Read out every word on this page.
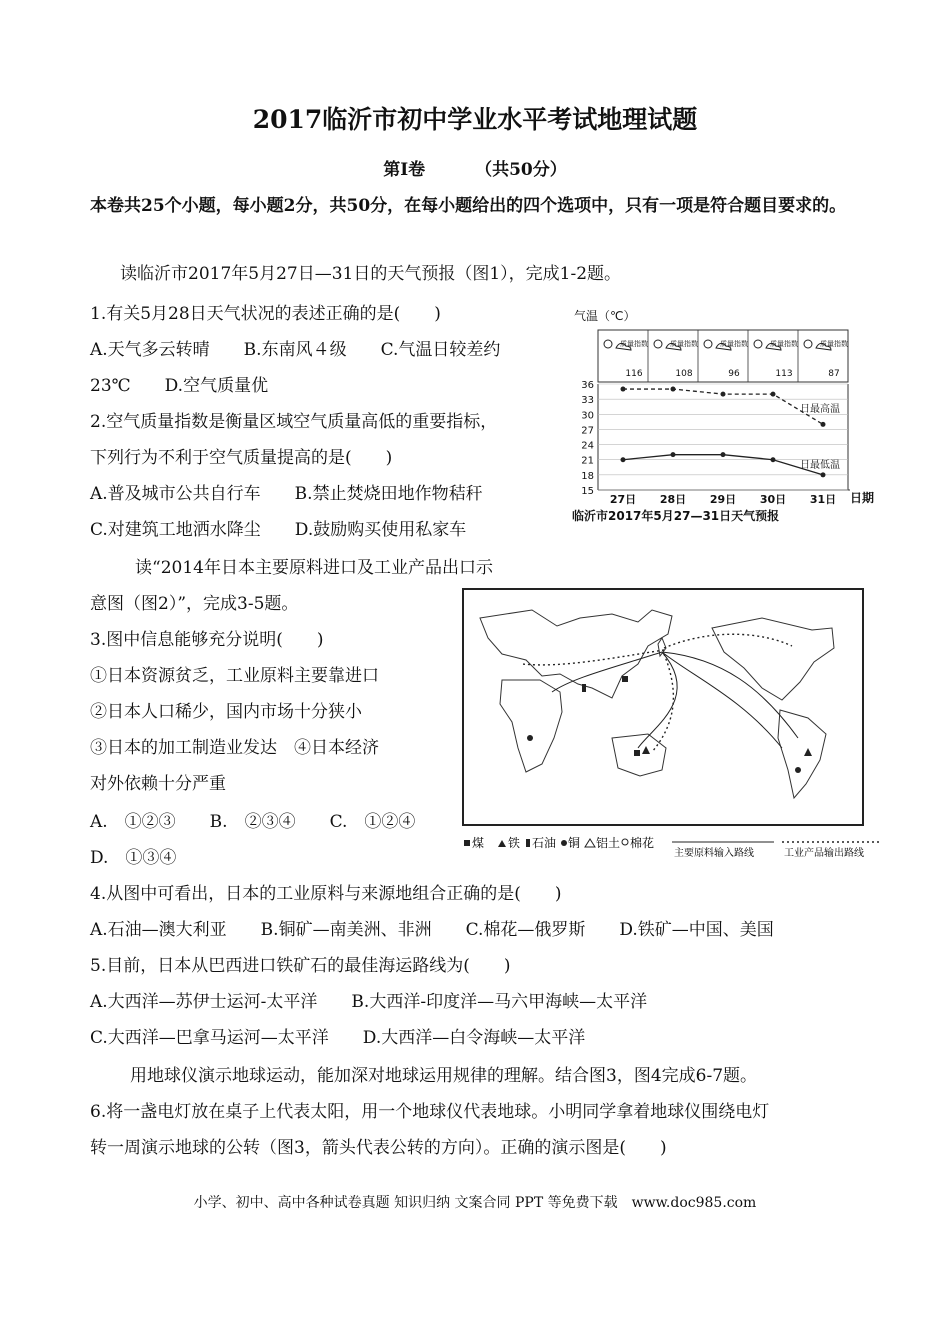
2017临沂市初中学业水平考试地理试题
第Ⅰ卷	（共50分）
本卷共25个小题，每小题2分，共50分，在每小题给出的四个选项中，只有一项是符合题目要求的。
读临沂市2017年5月27日—31日的天气预报（图1），完成1-2题。
1.有关5月28日天气状况的表述正确的是(　　)
A.天气多云转晴　　B.东南风４级　　C.气温日较差约
23℃　　D.空气质量优
2.空气质量指数是衡量区域空气质量高低的重要指标，
下列行为不利于空气质量提高的是(　　)
A.普及城市公共自行车　　B.禁止焚烧田地作物秸秆
C.对建筑工地洒水降尘　　D.鼓励购买使用私家车
读“2014年日本主要原料进口及工业产品出口示
意图（图2）”，完成3-5题。
3.图中信息能够充分说明(　　)
①日本资源贫乏，工业原料主要靠进口
②日本人口稀少，国内市场十分狭小
③日本的加工制造业发达　④日本经济
对外依赖十分严重
A.　①②③　　B.　②③④　　C.　①②④
D.　①③④
4.从图中可看出，日本的工业原料与来源地组合正确的是(　　)
A.石油—澳大利亚　　B.铜矿—南美洲、非洲　　C.棉花—俄罗斯　　D.铁矿—中国、美国
5.目前，日本从巴西进口铁矿石的最佳海运路线为(　　)
A.大西洋—苏伊士运河-太平洋　　B.大西洋-印度洋—马六甲海峡—太平洋
C.大西洋—巴拿马运河—太平洋　　D.大西洋—白令海峡—太平洋
用地球仪演示地球运动，能加深对地球运用规律的理解。结合图3，图4完成6-7题。
6.将一盏电灯放在桌子上代表太阳，用一个地球仪代表地球。小明同学拿着地球仪围绕电灯
转一周演示地球的公转（图3，箭头代表公转的方向）。正确的演示图是(　　)
气温（℃）
质量指数
116
质量指数
108
质量指数
96
质量指数
113
质量指数
87
15
18
21
24
27
30
33
36
27日 28日 29日 30日 31日
日最高温
日最低温
日期
临沂市2017年5月27—31日天气预报
煤 铁 石油 铜 铝土 棉花
主要原料输入路线	工业产品输出路线
小学、初中、高中各种试卷真题 知识归纳 文案合同 PPT 等免费下载　www.doc985.com
